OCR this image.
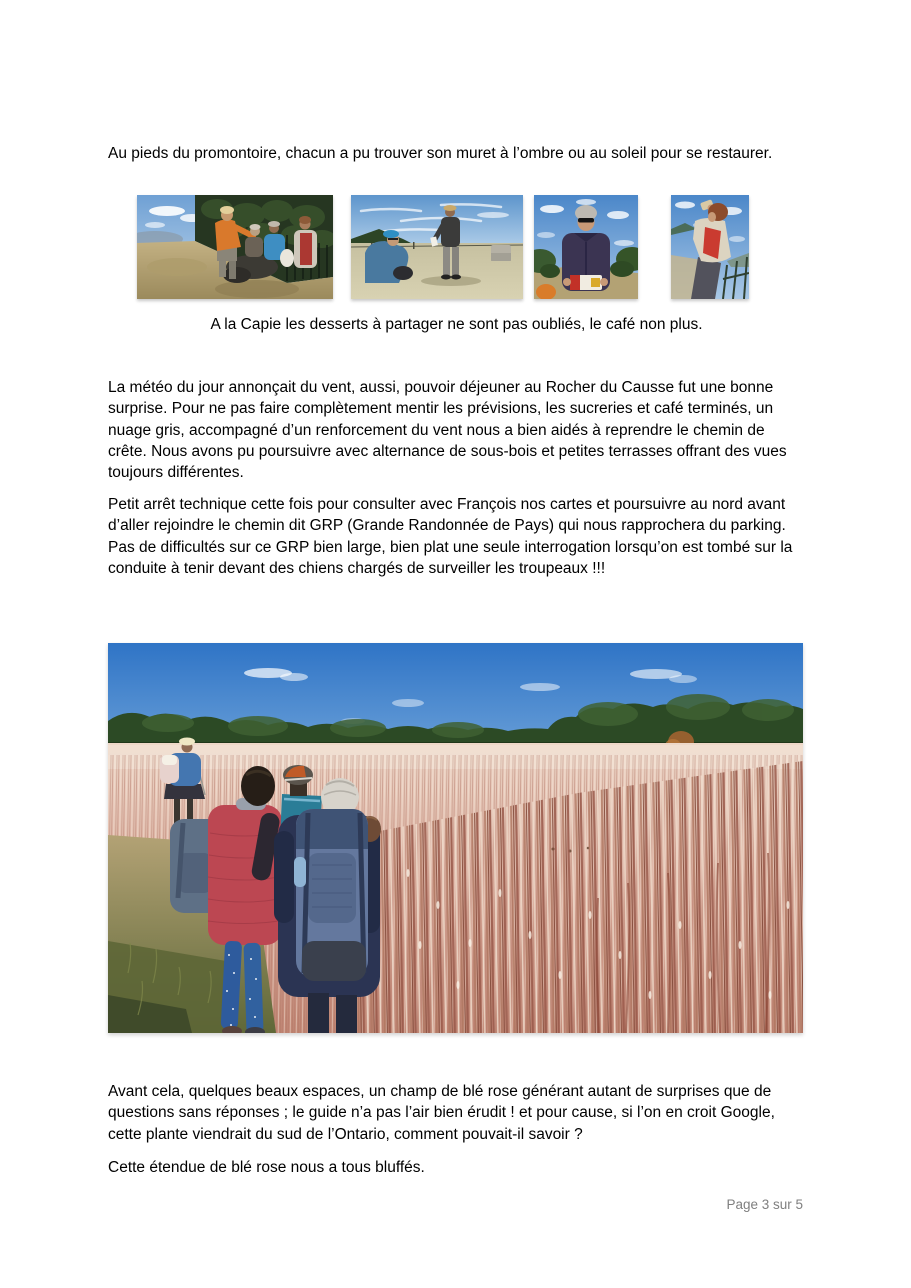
Au pieds du promontoire, chacun a pu trouver son muret à l’ombre ou au soleil pour se restaurer.

A la Capie les desserts à partager ne sont pas oubliés, le café non plus.

La météo du jour annonçait du vent, aussi, pouvoir déjeuner au Rocher du Causse fut une bonne surprise. Pour ne pas faire complètement mentir les prévisions, les sucreries et café terminés, un nuage gris, accompagné d’un renforcement du vent nous a bien aidés à reprendre le chemin de crête. Nous avons pu poursuivre avec alternance de sous-bois et petites terrasses offrant des vues toujours différentes.

Petit arrêt technique cette fois pour consulter avec François nos cartes et poursuivre au nord avant d’aller rejoindre le chemin dit GRP (Grande Randonnée de Pays) qui nous rapprochera du parking. Pas de difficultés sur ce GRP bien large, bien plat une seule interrogation lorsqu’on est tombé sur la conduite à tenir devant des chiens chargés de surveiller les troupeaux !!!

Avant cela, quelques beaux espaces, un champ de blé rose générant autant de surprises que de questions sans réponses ; le guide n’a pas l’air bien érudit ! et pour cause, si l’on en croit Google, cette plante viendrait du sud de l’Ontario, comment pouvait-il savoir ?

Cette étendue de blé rose nous a tous bluffés.

Page 3 sur 5
